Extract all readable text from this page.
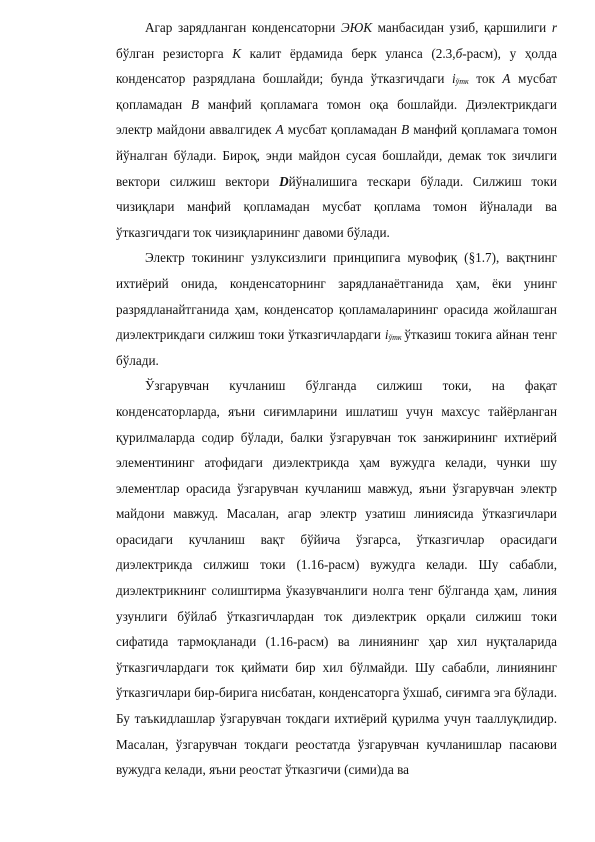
Агар зарядланган конденсаторни ЭЮК манбасидан узиб, қаршилиги r бўлган резисторга К калит ёрдамида берк уланса (2.3,б-расм), у ҳолда конденсатор разрядлана бошлайди; бунда ўтказгичдаги $i_{ўтк}$ ток А мусбат қопламадан В манфий қопламага томон оқа бошлайди. Диэлектрикдаги электр майдони аввалгидек А мусбат қопламадан В манфий қопламага томон йўналган бўлади. Бироқ, энди майдон сусая бошлайди, демак ток зичлиги вектори силжиш вектори Dйўналишига тескари бўлади. Силжиш токи чизиқлари манфий қопламадан мусбат қоплама томон йўналади ва ўтказгичдаги ток чизиқларининг давоми бўлади.

Электр токининг узлуксизлиги принципига мувофиқ (§1.7), вақтнинг ихтиёрий онида, конденсаторнинг зарядланаётганида ҳам, ёки унинг разрядланайтганида ҳам, конденсатор қопламаларининг орасида жойлашган диэлектрикдаги силжиш токи ўтказгичлардаги $i_{ўтк}$ ўтказиш токига айнан тенг бўлади.

Ўзгарувчан кучланиш бўлганда силжиш токи, на фақат конденсаторларда, яъни сиғимларини ишлатиш учун махсус тайёрланган қурилмаларда содир бўлади, балки ўзгарувчан ток занжирининг ихтиёрий элементининг атофидаги диэлектрикда ҳам вужудга келади, чунки шу элементлар орасида ўзгарувчан кучланиш мавжуд, яъни ўзгарувчан электр майдони мавжуд. Масалан, агар электр узатиш линиясида ўтказгичлари орасидаги кучланиш вақт бўйича ўзгарса, ўтказгичлар орасидаги диэлектрикда силжиш токи (1.16-расм) вужудга келади. Шу сабабли, диэлектрикнинг солиштирма ўказувчанлиги нолга тенг бўлганда ҳам, линия узунлиги бўйлаб ўтказгичлардан ток диэлектрик орқали силжиш токи сифатида тармоқланади (1.16-расм) ва линиянинг ҳар хил нуқталарида ўтказгичлардаги ток қиймати бир хил бўлмайди. Шу сабабли, линиянинг ўтказгичлари бир-бирига нисбатан, конденсаторга ўхшаб, сиғимга эга бўлади. Бу таъкидлашлар ўзгарувчан токдаги ихтиёрий қурилма учун тааллуқлидир. Масалан, ўзгарувчан токдаги реостатда ўзгарувчан кучланишлар пасаюви вужудга келади, яъни реостат ўтказгичи (сими)да ва
